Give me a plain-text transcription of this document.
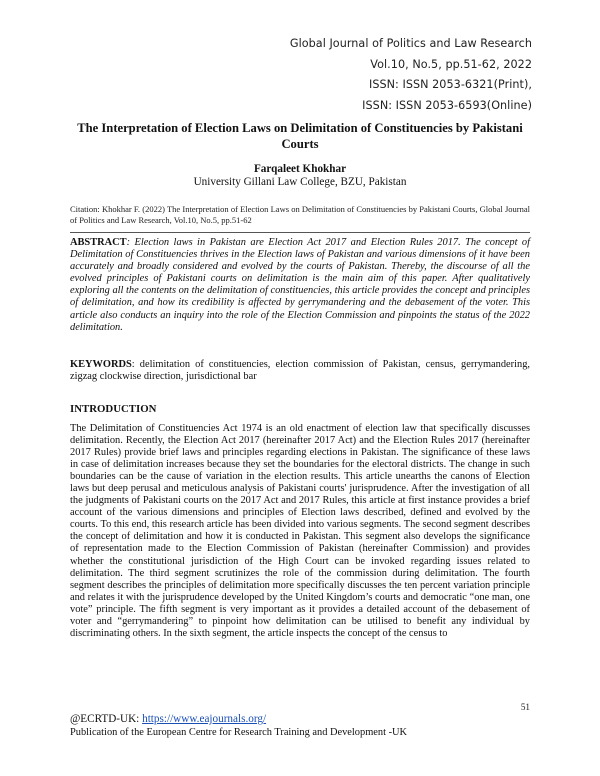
Global Journal of Politics and Law Research
Vol.10, No.5, pp.51-62, 2022
ISSN: ISSN 2053-6321(Print),
ISSN: ISSN 2053-6593(Online)
The Interpretation of Election Laws on Delimitation of Constituencies by Pakistani Courts
Farqaleet Khokhar
University Gillani Law College, BZU, Pakistan
Citation: Khokhar F. (2022) The Interpretation of Election Laws on Delimitation of Constituencies by Pakistani Courts, Global Journal of Politics and Law Research, Vol.10, No.5, pp.51-62
ABSTRACT: Election laws in Pakistan are Election Act 2017 and Election Rules 2017. The concept of Delimitation of Constituencies thrives in the Election laws of Pakistan and various dimensions of it have been accurately and broadly considered and evolved by the courts of Pakistan. Thereby, the discourse of all the evolved principles of Pakistani courts on delimitation is the main aim of this paper. After qualitatively exploring all the contents on the delimitation of constituencies, this article provides the concept and principles of delimitation, and how its credibility is affected by gerrymandering and the debasement of the voter. This article also conducts an inquiry into the role of the Election Commission and pinpoints the status of the 2022 delimitation.
KEYWORDS: delimitation of constituencies, election commission of Pakistan, census, gerrymandering, zigzag clockwise direction, jurisdictional bar
INTRODUCTION
The Delimitation of Constituencies Act 1974 is an old enactment of election law that specifically discusses delimitation. Recently, the Election Act 2017 (hereinafter 2017 Act) and the Election Rules 2017 (hereinafter 2017 Rules) provide brief laws and principles regarding elections in Pakistan. The significance of these laws in case of delimitation increases because they set the boundaries for the electoral districts. The change in such boundaries can be the cause of variation in the election results. This article unearths the canons of Election laws but deep perusal and meticulous analysis of Pakistani courts' jurisprudence. After the investigation of all the judgments of Pakistani courts on the 2017 Act and 2017 Rules, this article at first instance provides a brief account of the various dimensions and principles of Election laws described, defined and evolved by the courts. To this end, this research article has been divided into various segments. The second segment describes the concept of delimitation and how it is conducted in Pakistan. This segment also develops the significance of representation made to the Election Commission of Pakistan (hereinafter Commission) and provides whether the constitutional jurisdiction of the High Court can be invoked regarding issues related to delimitation. The third segment scrutinizes the role of the commission during delimitation. The fourth segment describes the principles of delimitation more specifically discusses the ten percent variation principle and relates it with the jurisprudence developed by the United Kingdom’s courts and democratic “one man, one vote” principle. The fifth segment is very important as it provides a detailed account of the debasement of voter and “gerrymandering” to pinpoint how delimitation can be utilised to benefit any individual by discriminating others. In the sixth segment, the article inspects the concept of the census to
51
@ECRTD-UK: https://www.eajournals.org/
Publication of the European Centre for Research Training and Development -UK
